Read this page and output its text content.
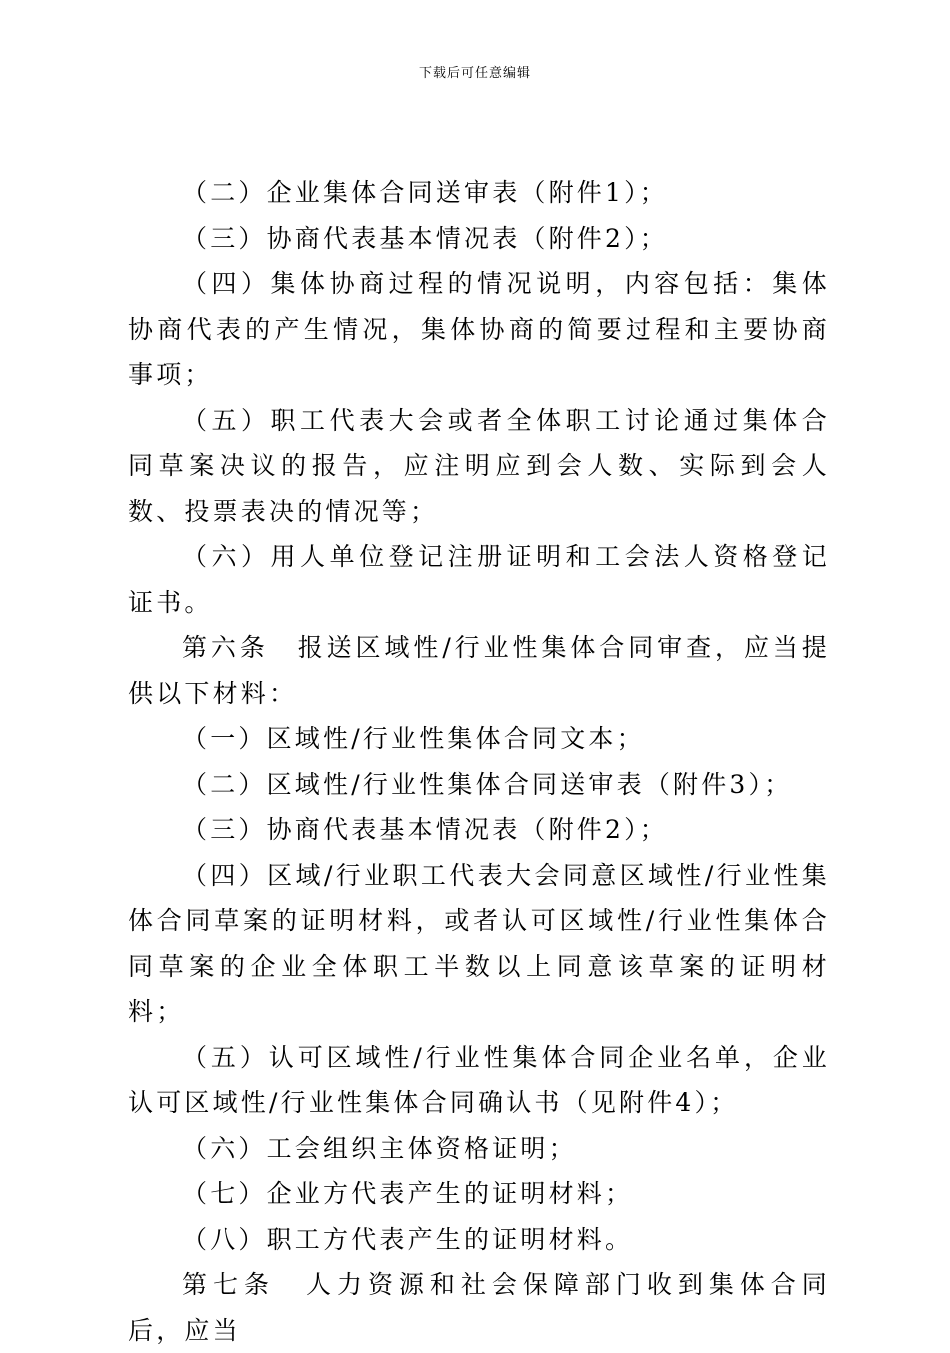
下载后可任意编辑

（二）企业集体合同送审表（附件1）；

（三）协商代表基本情况表（附件2）；

（四）集体协商过程的情况说明，内容包括：集体协商代表的产生情况，集体协商的简要过程和主要协商事项；

（五）职工代表大会或者全体职工讨论通过集体合同草案决议的报告，应注明应到会人数、实际到会人数、投票表决的情况等；

（六）用人单位登记注册证明和工会法人资格登记证书。

第六条　报送区域性/行业性集体合同审查，应当提供以下材料：

（一）区域性/行业性集体合同文本；

（二）区域性/行业性集体合同送审表（附件3）；

（三）协商代表基本情况表（附件2）；

（四）区域/行业职工代表大会同意区域性/行业性集体合同草案的证明材料，或者认可区域性/行业性集体合同草案的企业全体职工半数以上同意该草案的证明材料；

（五）认可区域性/行业性集体合同企业名单，企业认可区域性/行业性集体合同确认书（见附件4）；

（六）工会组织主体资格证明；

（七）企业方代表产生的证明材料；

（八）职工方代表产生的证明材料。

第七条　人力资源和社会保障部门收到集体合同后，应当
